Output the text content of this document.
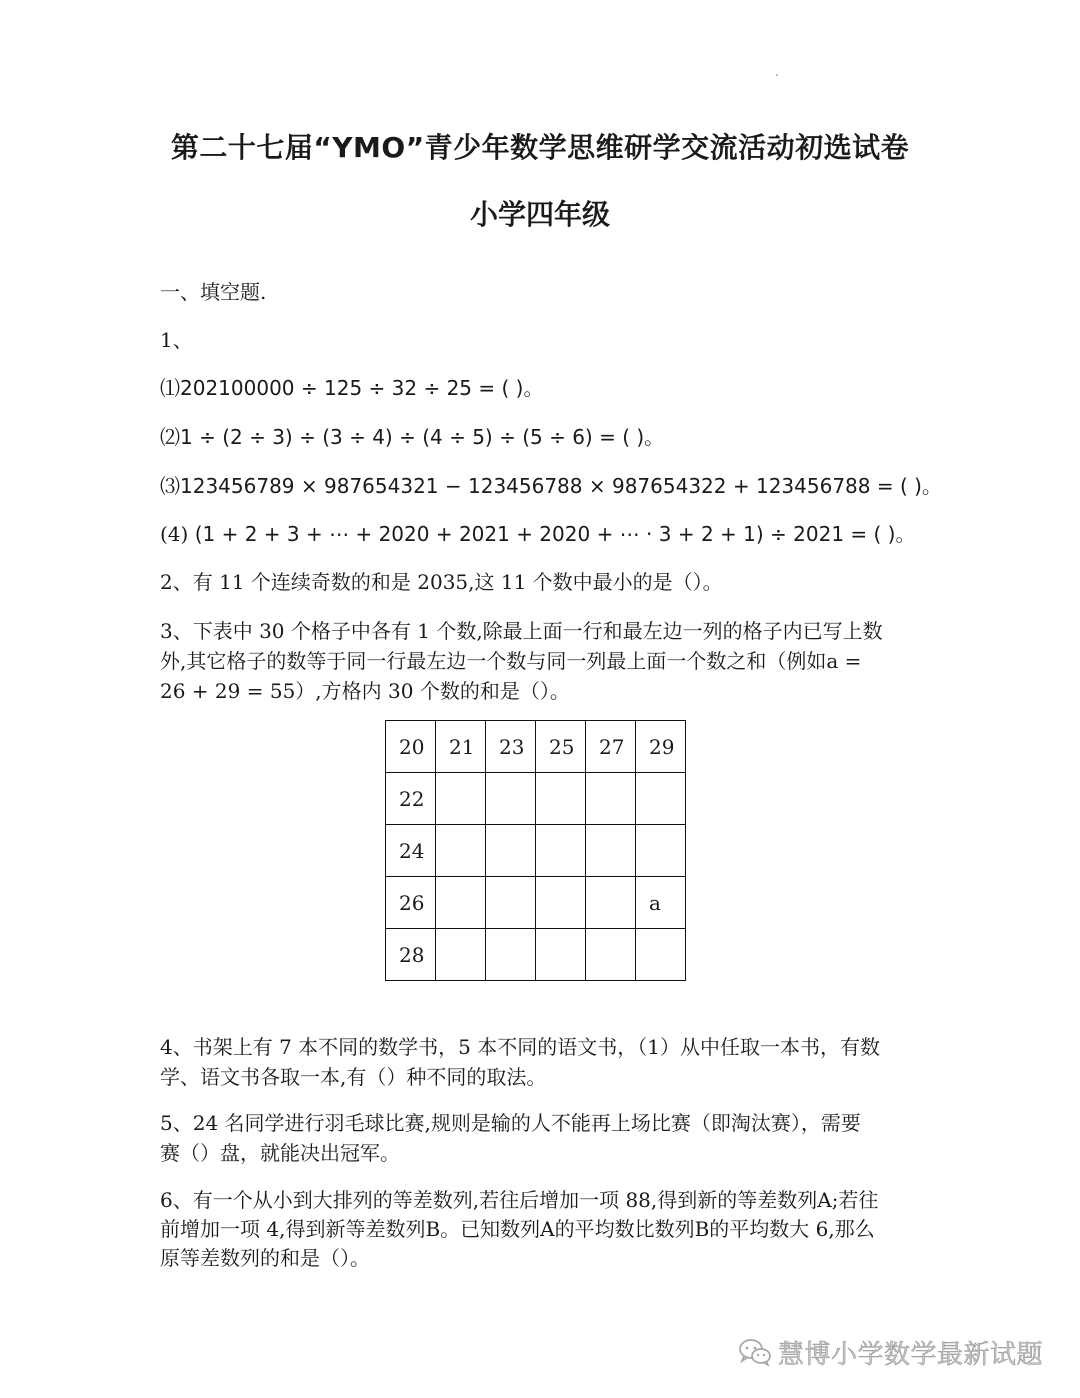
第二十七届“YMO”青少年数学思维研学交流活动初选试卷
小学四年级
一、填空题.
1、
⑴202100000 ÷ 125 ÷ 32 ÷ 25 = ( )。
⑵1 ÷ (2 ÷ 3) ÷ (3 ÷ 4) ÷ (4 ÷ 5) ÷ (5 ÷ 6) = ( )。
⑶123456789 × 987654321 − 123456788 × 987654322 + 123456788 = ( )。
(4) (1 + 2 + 3 + ⋯ + 2020 + 2021 + 2020 + ⋯ · 3 + 2 + 1) ÷ 2021 = ( )。
2、有 11 个连续奇数的和是 2035,这 11 个数中最小的是（）。
3、下表中 30 个格子中各有 1 个数,除最上面一行和最左边一列的格子内已写上数
外,其它格子的数等于同一行最左边一个数与同一列最上面一个数之和（例如a =
26 + 29 = 55）,方格内 30 个数的和是（）。
20	21	23	25	27	29
22					
24					
26					a
28					
4、书架上有 7 本不同的数学书，5 本不同的语文书，（1）从中任取一本书，有数
学、语文书各取一本,有（）种不同的取法。
5、24 名同学进行羽毛球比赛,规则是输的人不能再上场比赛（即淘汰赛），需要
赛（）盘，就能决出冠军。
6、有一个从小到大排列的等差数列,若往后增加一项 88,得到新的等差数列A;若往
前增加一项 4,得到新等差数列B。已知数列A的平均数比数列B的平均数大 6,那么
原等差数列的和是（）。
慧博小学数学最新试题
